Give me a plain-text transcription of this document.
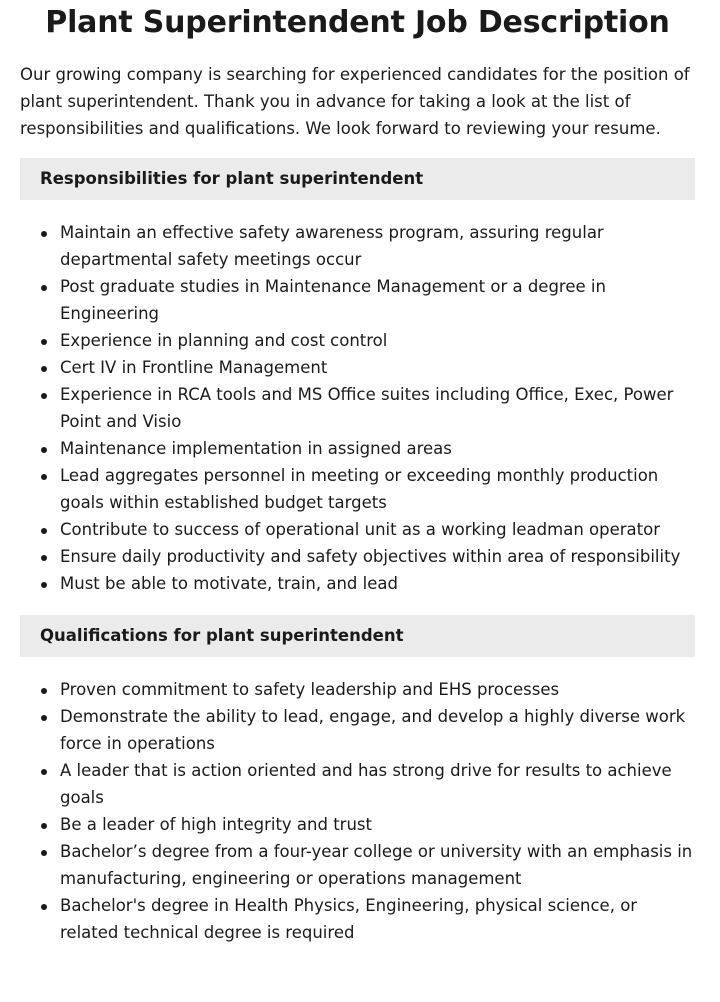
Plant Superintendent Job Description

Our growing company is searching for experienced candidates for the position of plant superintendent. Thank you in advance for taking a look at the list of responsibilities and qualifications. We look forward to reviewing your resume.

Responsibilities for plant superintendent
Maintain an effective safety awareness program, assuring regular departmental safety meetings occur
Post graduate studies in Maintenance Management or a degree in Engineering
Experience in planning and cost control
Cert IV in Frontline Management
Experience in RCA tools and MS Office suites including Office, Exec, Power Point and Visio
Maintenance implementation in assigned areas
Lead aggregates personnel in meeting or exceeding monthly production goals within established budget targets
Contribute to success of operational unit as a working leadman operator
Ensure daily productivity and safety objectives within area of responsibility
Must be able to motivate, train, and lead
Qualifications for plant superintendent
Proven commitment to safety leadership and EHS processes
Demonstrate the ability to lead, engage, and develop a highly diverse work force in operations
A leader that is action oriented and has strong drive for results to achieve goals
Be a leader of high integrity and trust
Bachelor’s degree from a four-year college or university with an emphasis in manufacturing, engineering or operations management
Bachelor's degree in Health Physics, Engineering, physical science, or related technical degree is required
